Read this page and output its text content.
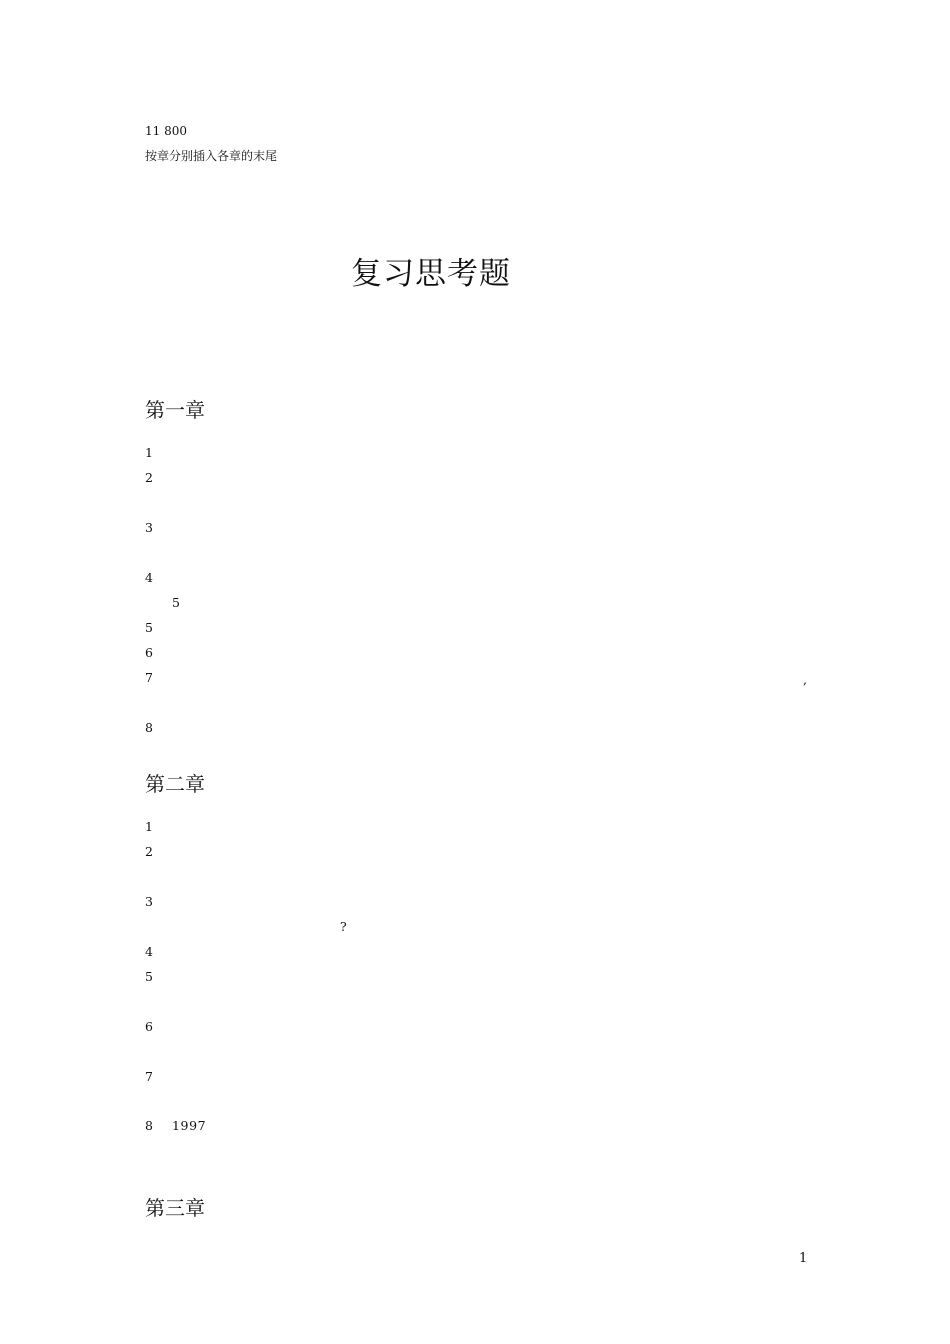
11 800
按章分别插入各章的末尾
复习思考题
第一章
1
2
3
4
5
5
6
7	,
8
第二章
1
2
3
?
4
5
6
7
8 1997
第三章
1
